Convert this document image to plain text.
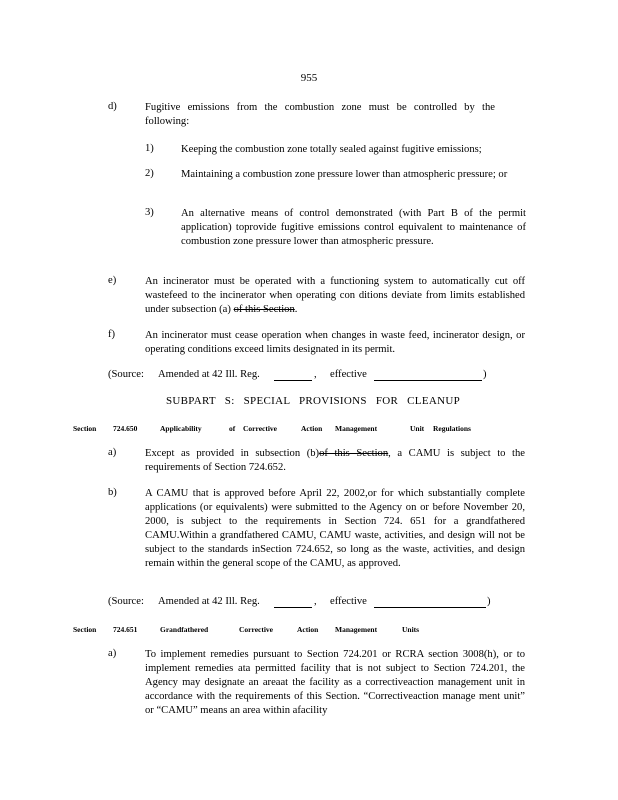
955
d)	Fugitive emissions from the combustion zone must be controlled by the following:
1)	Keeping the combustion zone totally sealed against fugitive emissions;
2)	Maintaining a combustion zone pressure lower than atmospheric pressure; or
3)	An alternative means of control demonstrated (with Part B of the permit application) toprovide fugitive emissions control equivalent to maintenance of combustion zone pressure lower than atmospheric pressure.
e)	An incinerator must be operated with a functioning system to automatically cut off wastefeed to the incinerator when operating con ditions deviate from limits established under subsection (a) of this Section.
f)	An incinerator must cease operation when changes in waste feed, incinerator design, or operating conditions exceed limits designated in its permit.
(Source: Amended at 42 Ill. Reg.	, effective	)
SUBPART S: SPECIAL PROVISIONS FOR CLEANUP
Section 724.650	Applicability	of Corrective	Action Management	Unit Regulations
a)	Except as provided in subsection (b)of this Section, a CAMU is subject to the requirements of Section 724.652.
b)	A CAMU that is approved before April 22, 2002,or for which substantially complete applications (or equivalents) were submitted to the Agency on or before November 20, 2000, is subject to the requirements in Section 724. 651 for a grandfathered CAMU.Within a grandfathered CAMU, CAMU waste, activities, and design will not be subject to the standards inSection 724.652, so long as the waste, activities, and design remain within the general scope of the CAMU, as approved.
(Source: Amended at 42 Ill. Reg.	, effective	)
Section 724.651	Grandfathered	Corrective	Action Management	Units
a)	To implement remedies pursuant to Section 724.201 or RCRA section 3008(h), or to implement remedies ata permitted facility that is not subject to Section 724.201, the Agency may designate an areaat the facility as a correctiveaction management unit in accordance with the requirements of this Section. “Correctiveaction manage ment unit” or “CAMU” means an area within afacility
